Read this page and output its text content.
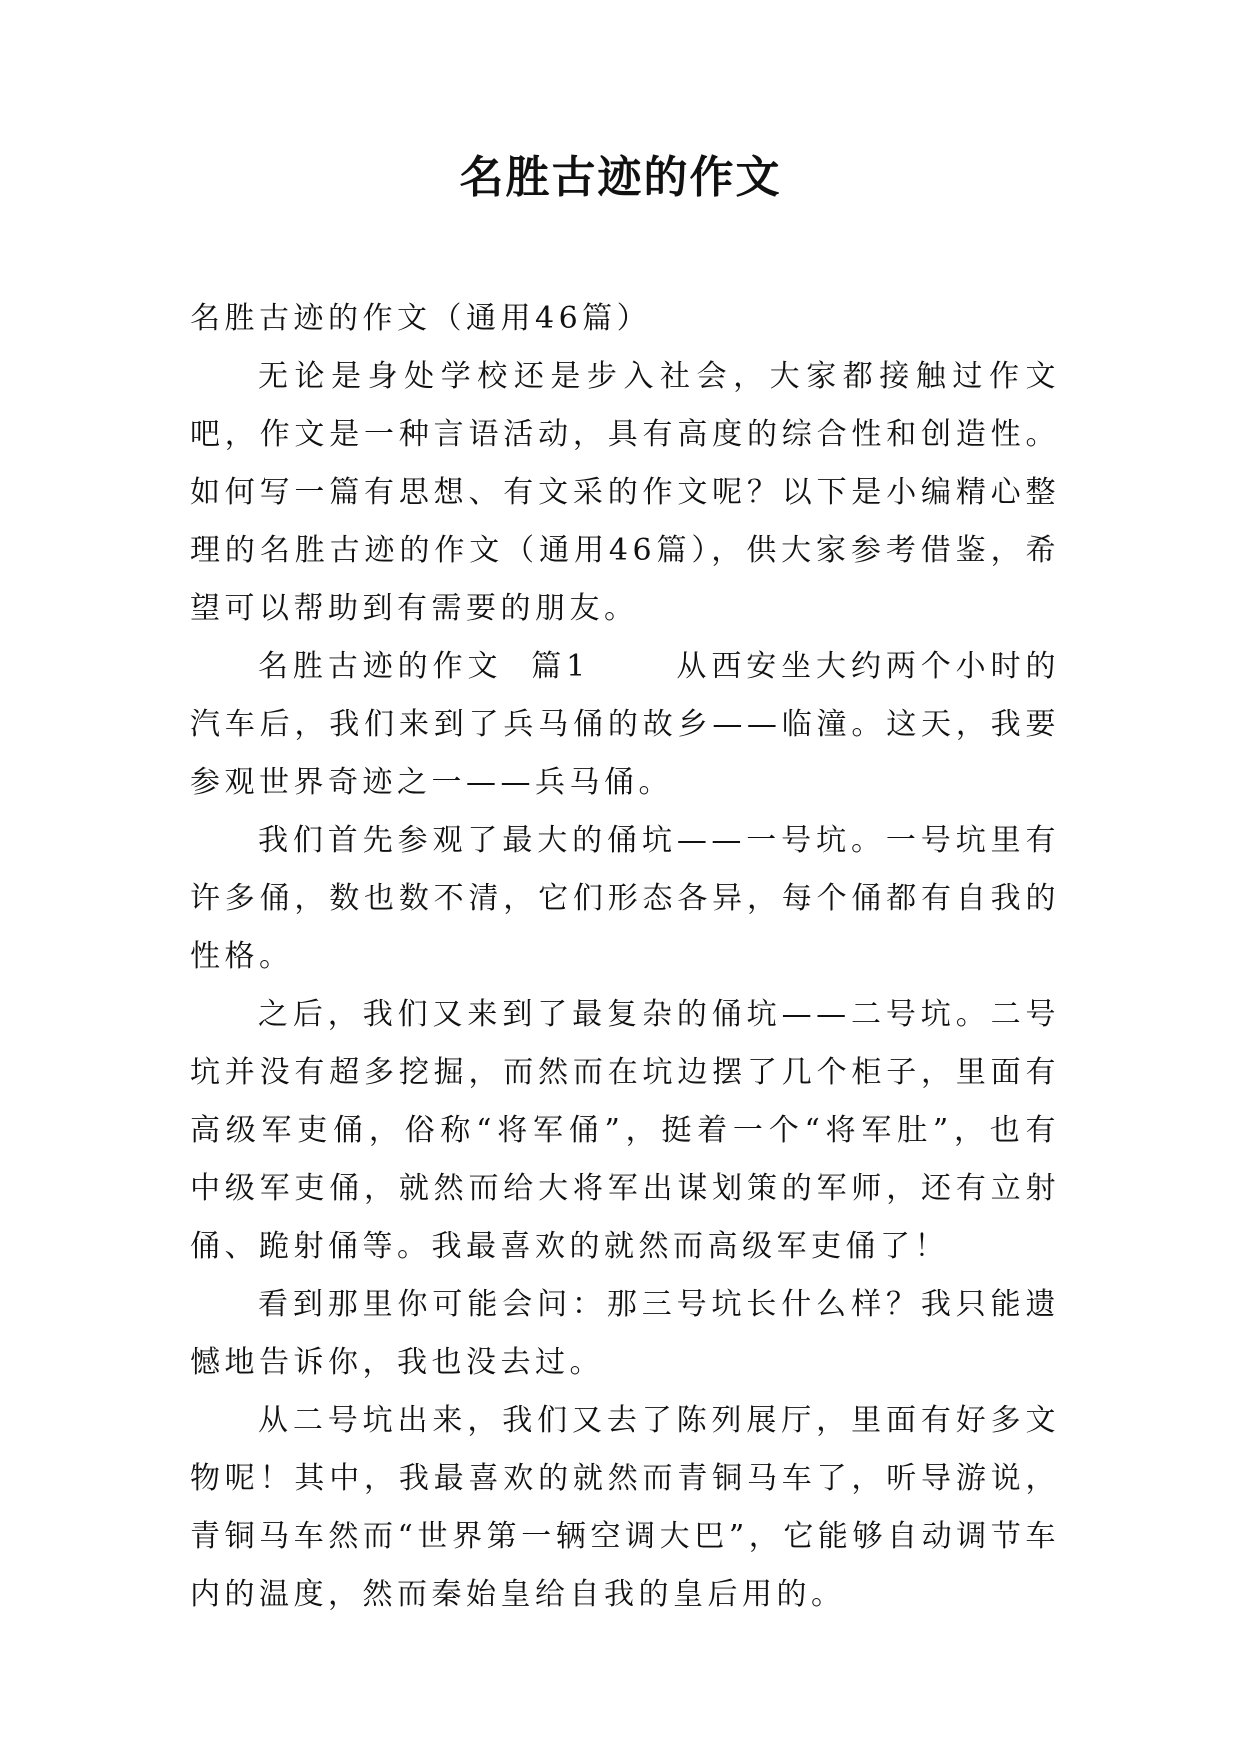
名胜古迹的作文

名胜古迹的作文（通用46篇）

无论是身处学校还是步入社会，大家都接触过作文吧，作文是一种言语活动，具有高度的综合性和创造性。如何写一篇有思想、有文采的作文呢？以下是小编精心整理的名胜古迹的作文（通用46篇），供大家参考借鉴，希望可以帮助到有需要的朋友。

名胜古迹的作文  篇1      从西安坐大约两个小时的汽车后，我们来到了兵马俑的故乡——临潼。这天，我要参观世界奇迹之一——兵马俑。

我们首先参观了最大的俑坑——一号坑。一号坑里有许多俑，数也数不清，它们形态各异，每个俑都有自我的性格。

之后，我们又来到了最复杂的俑坑——二号坑。二号坑并没有超多挖掘，而然而在坑边摆了几个柜子，里面有高级军吏俑，俗称“将军俑”，挺着一个“将军肚”，也有中级军吏俑，就然而给大将军出谋划策的军师，还有立射俑、跪射俑等。我最喜欢的就然而高级军吏俑了！

看到那里你可能会问：那三号坑长什么样？我只能遗憾地告诉你，我也没去过。

从二号坑出来，我们又去了陈列展厅，里面有好多文物呢！其中，我最喜欢的就然而青铜马车了，听导游说，青铜马车然而“世界第一辆空调大巴”，它能够自动调节车内的温度，然而秦始皇给自我的皇后用的。
